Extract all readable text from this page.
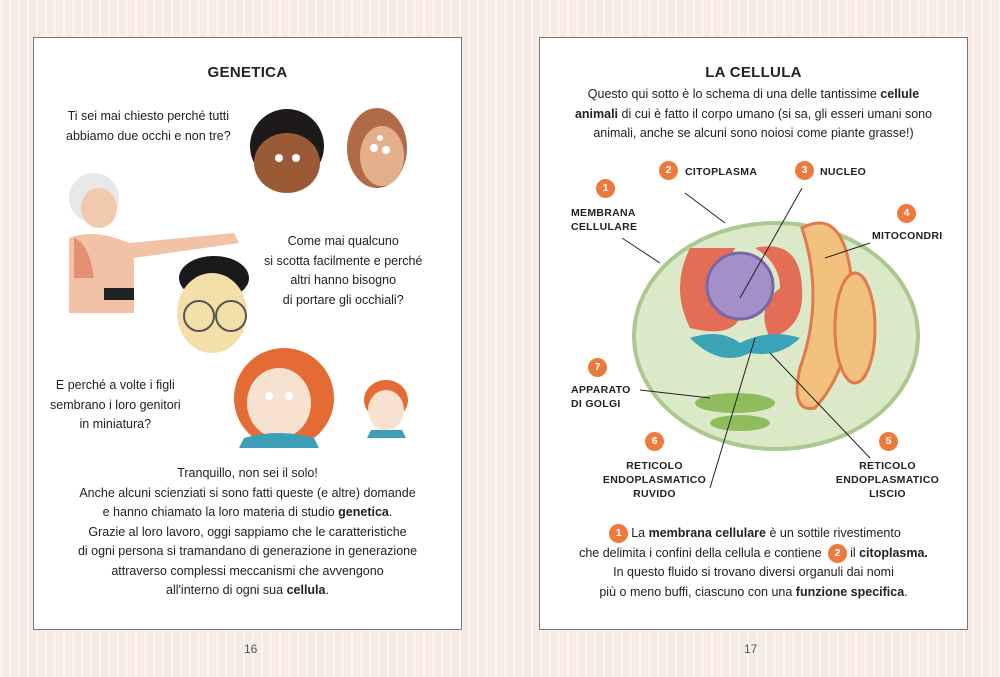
GENETICA
Ti sei mai chiesto perché tutti
abbiamo due occhi e non tre?
Come mai qualcuno
si scotta facilmente e perché
altri hanno bisogno
di portare gli occhiali?
E perché a volte i figli
sembrano i loro genitori
in miniatura?
Tranquillo, non sei il solo!
Anche alcuni scienziati si sono fatti queste (e altre) domande
e hanno chiamato la loro materia di studio genetica.
Grazie al loro lavoro, oggi sappiamo che le caratteristiche
di ogni persona si tramandano di generazione in generazione
attraverso complessi meccanismi che avvengono
all'interno di ogni sua cellula.
16
LA CELLULA
Questo qui sotto è lo schema di una delle tantissime cellule
animali di cui è fatto il corpo umano (si sa, gli esseri umani sono
animali, anche se alcuni sono noiosi come piante grasse!)
1
MEMBRANA
CELLULARE
2	CITOPLASMA	3	NUCLEO
4
MITOCONDRI
5
RETICOLO
ENDOPLASMATICO
LISCIO
6
RETICOLO
ENDOPLASMATICO
RUVIDO
7
APPARATO
DI GOLGI
1 La membrana cellulare è un sottile rivestimento
che delimita i confini della cellula e contiene 2 il citoplasma.
In questo fluido si trovano diversi organuli dai nomi
più o meno buffi, ciascuno con una funzione specifica.
17
